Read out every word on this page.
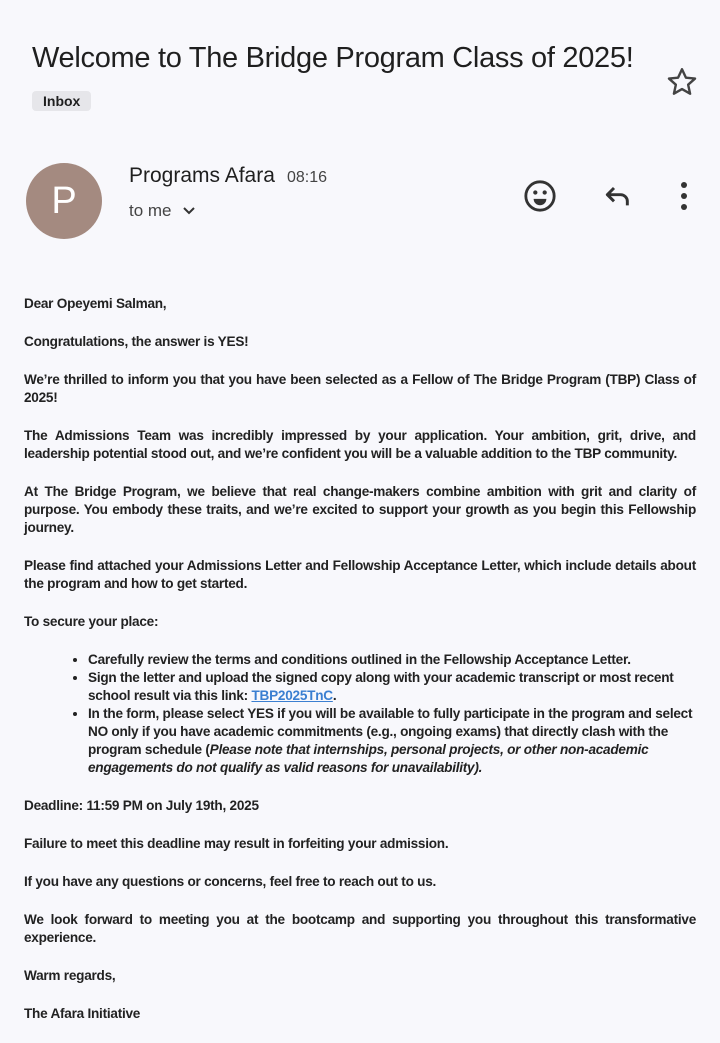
Welcome to The Bridge Program Class of 2025!
Inbox
P
Programs Afara 08:16
to me

Dear Opeyemi Salman,

Congratulations, the answer is YES!

We’re thrilled to inform you that you have been selected as a Fellow of The Bridge Program (TBP) Class of 2025!

The Admissions Team was incredibly impressed by your application. Your ambition, grit, drive, and leadership potential stood out, and we’re confident you will be a valuable addition to the TBP community.

At The Bridge Program, we believe that real change-makers combine ambition with grit and clarity of purpose. You embody these traits, and we’re excited to support your growth as you begin this Fellowship journey.

Please find attached your Admissions Letter and Fellowship Acceptance Letter, which include details about the program and how to get started.

To secure your place:

• Carefully review the terms and conditions outlined in the Fellowship Acceptance Letter.
• Sign the letter and upload the signed copy along with your academic transcript or most recent school result via this link: TBP2025TnC.
• In the form, please select YES if you will be available to fully participate in the program and select NO only if you have academic commitments (e.g., ongoing exams) that directly clash with the program schedule (Please note that internships, personal projects, or other non-academic engagements do not qualify as valid reasons for unavailability).

Deadline: 11:59 PM on July 19th, 2025

Failure to meet this deadline may result in forfeiting your admission.

If you have any questions or concerns, feel free to reach out to us.

We look forward to meeting you at the bootcamp and supporting you throughout this transformative experience.

Warm regards,

The Afara Initiative
